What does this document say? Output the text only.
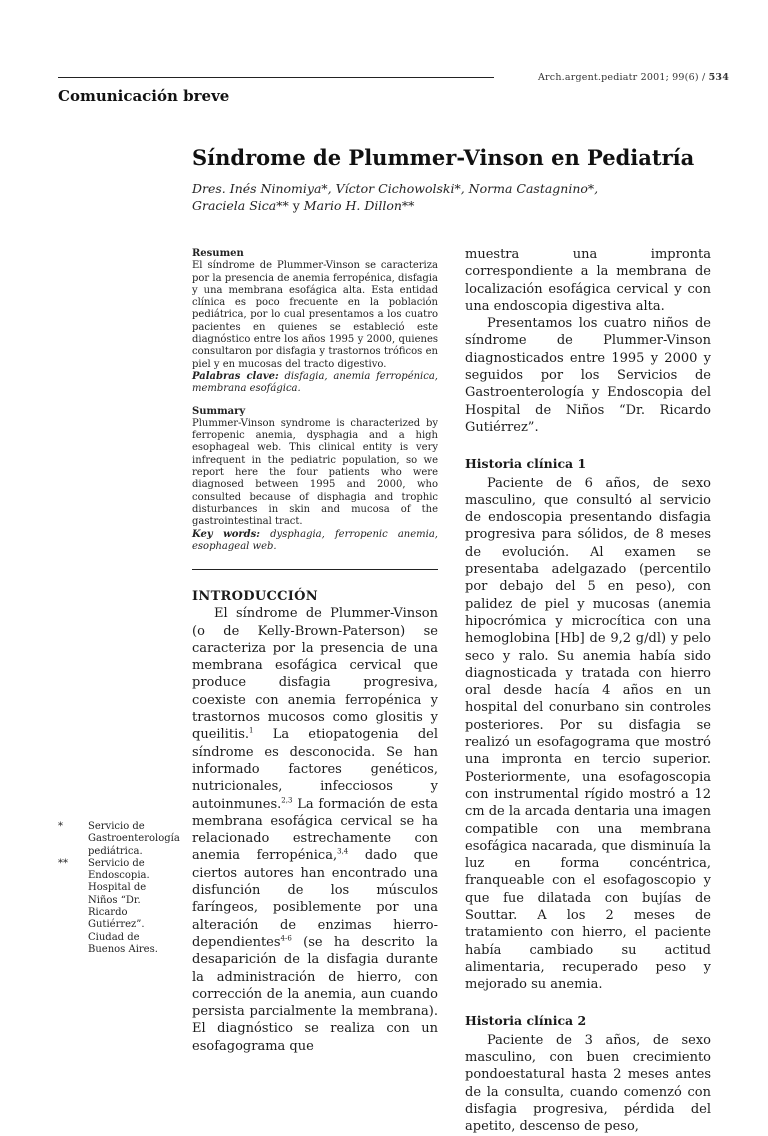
Arch.argent.pediatr 2001; 99(6) / 534
Comunicación breve
Síndrome de Plummer-Vinson en Pediatría
Dres. Inés Ninomiya*, Víctor Cichowolski*, Norma Castagnino*,
Graciela Sica** y Mario H. Dillon**

Resumen

El síndrome de Plummer-Vinson se caracteriza por la presencia de anemia ferropénica, disfagia y una membrana esofágica alta. Esta entidad clínica es poco frecuente en la población pediátrica, por lo cual presentamos a los cuatro pacientes en quienes se estableció este diagnóstico entre los años 1995 y 2000, quienes consultaron por disfagia y trastornos tróficos en piel y en mucosas del tracto digestivo.

Palabras clave: disfagia, anemia ferropénica, membrana esofágica.

Summary

Plummer-Vinson syndrome is characterized by ferropenic anemia, dysphagia and a high esophageal web. This clinical entity is very infrequent in the pediatric population, so we report here the four patients who were diagnosed between 1995 and 2000, who consulted because of disphagia and trophic disturbances in skin and mucosa of the gastrointestinal tract.

Key words: dysphagia, ferropenic anemia, esophageal web.

INTRODUCCIÓN

El síndrome de Plummer-Vinson (o de Kelly-Brown-Paterson) se caracteriza por la presencia de una membrana esofágica cervical que produce disfagia progresiva, coexiste con anemia ferropénica y trastornos mucosos como glositis y queilitis.$^1$ La etiopatogenia del síndrome es desconocida. Se han informado factores genéticos, nutricionales, infecciosos y autoinmunes.$^{2,3}$ La formación de esta membrana esofágica cervical se ha relacionado estrechamente con anemia ferropénica,$^{3,4}$ dado que ciertos autores han encontrado una disfunción de los músculos faríngeos, posiblemente por una alteración de enzimas hierro-dependientes$^{4-6}$ (se ha descrito la desaparición de la disfagia durante la administración de hierro, con corrección de la anemia, aun cuando persista parcialmente la membrana). El diagnóstico se realiza con un esofagograma que

muestra una impronta correspondiente a la membrana de localización esofágica cervical y con una endoscopia digestiva alta.

Presentamos los cuatro niños de síndrome de Plummer-Vinson diagnosticados entre 1995 y 2000 y seguidos por los Servicios de Gastroenterología y Endoscopia del Hospital de Niños “Dr. Ricardo Gutiérrez”.

Historia clínica 1

Paciente de 6 años, de sexo masculino, que consultó al servicio de endoscopia presentando disfagia progresiva para sólidos, de 8 meses de evolución. Al examen se presentaba adelgazado (percentilo por debajo del 5 en peso), con palidez de piel y mucosas (anemia hipocrómica y microcítica con una hemoglobina [Hb] de 9,2 g/dl) y pelo seco y ralo. Su anemia había sido diagnosticada y tratada con hierro oral desde hacía 4 años en un hospital del conurbano sin controles posteriores. Por su disfagia se realizó un esofagograma que mostró una impronta en tercio superior. Posteriormente, una esofagoscopia con instrumental rígido mostró a 12 cm de la arcada dentaria una imagen compatible con una membrana esofágica nacarada, que disminuía la luz en forma concéntrica, franqueable con el esofagoscopio y que fue dilatada con bujías de Souttar. A los 2 meses de tratamiento con hierro, el paciente había cambiado su actitud alimentaria, recuperado peso y mejorado su anemia.

Historia clínica 2

Paciente de 3 años, de sexo masculino, con buen crecimiento pondoestatural hasta 2 meses antes de la consulta, cuando comenzó con disfagia progresiva, pérdida del apetito, descenso de peso,

*	Servicio de Gastroenterología pediátrica.
**	Servicio de Endoscopia. Hospital de Niños “Dr. Ricardo Gutiérrez”. Ciudad de Buenos Aires.
